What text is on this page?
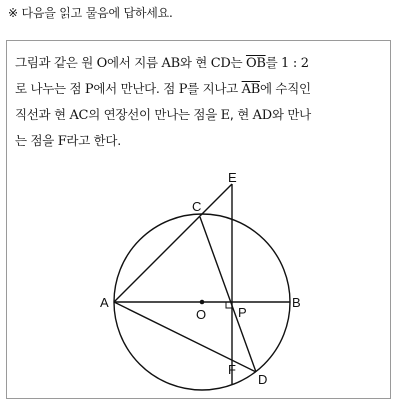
※ 다음을 읽고 물음에 답하세요.
그림과 같은 원 O에서 지름 AB와 현 CD는 $\overline{OB}$를 1 : 2
로 나누는 점 P에서 만난다. 점 P를 지나고 $\overline{AB}$에 수직인
직선과 현 AC의 연장선이 만나는 점을 E, 현 AD와 만나
는 점을 F라고 한다.
E
C
A	B
O P
F
D
